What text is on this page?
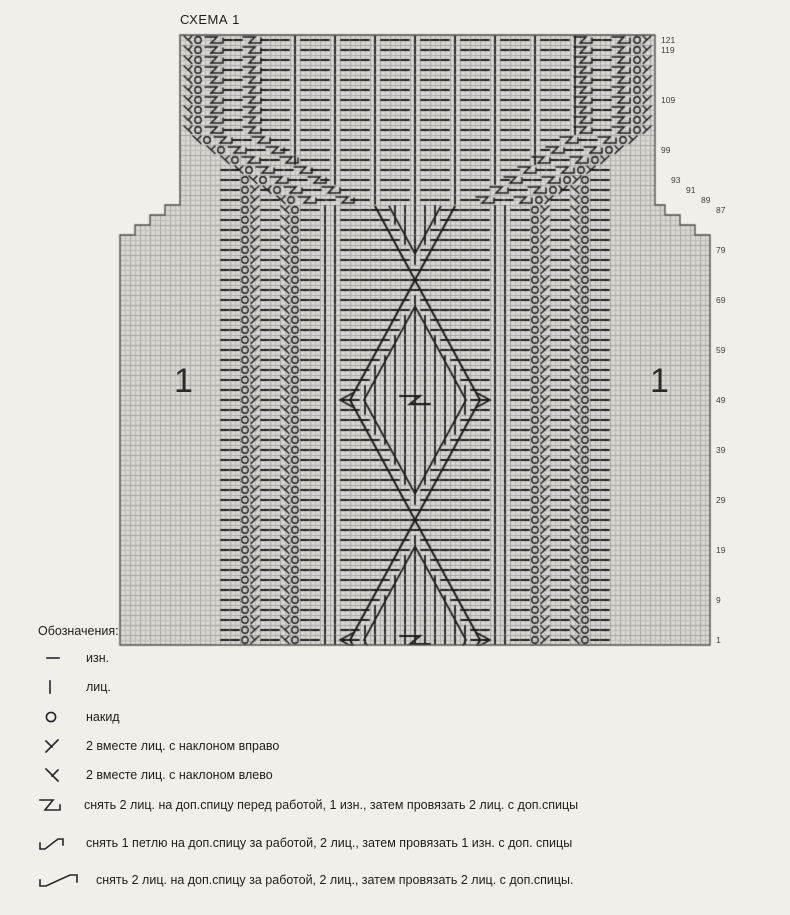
СХЕМА 1
1	1
121
119
109
99
93
91
89
87
79
69
59
49
39
29
19
9
1
Обозначения:
изн.
лиц.
накид
2 вместе лиц. с наклоном вправо
2 вместе лиц. с наклоном влево
снять 2 лиц. на доп.спицу перед работой, 1 изн., затем провязать 2 лиц. с доп.спицы
снять 1 петлю на доп.спицу за работой, 2 лиц., затем провязать 1 изн. с доп. спицы
снять 2 лиц. на доп.спицу за работой, 2 лиц., затем провязать 2 лиц. с доп.спицы.
